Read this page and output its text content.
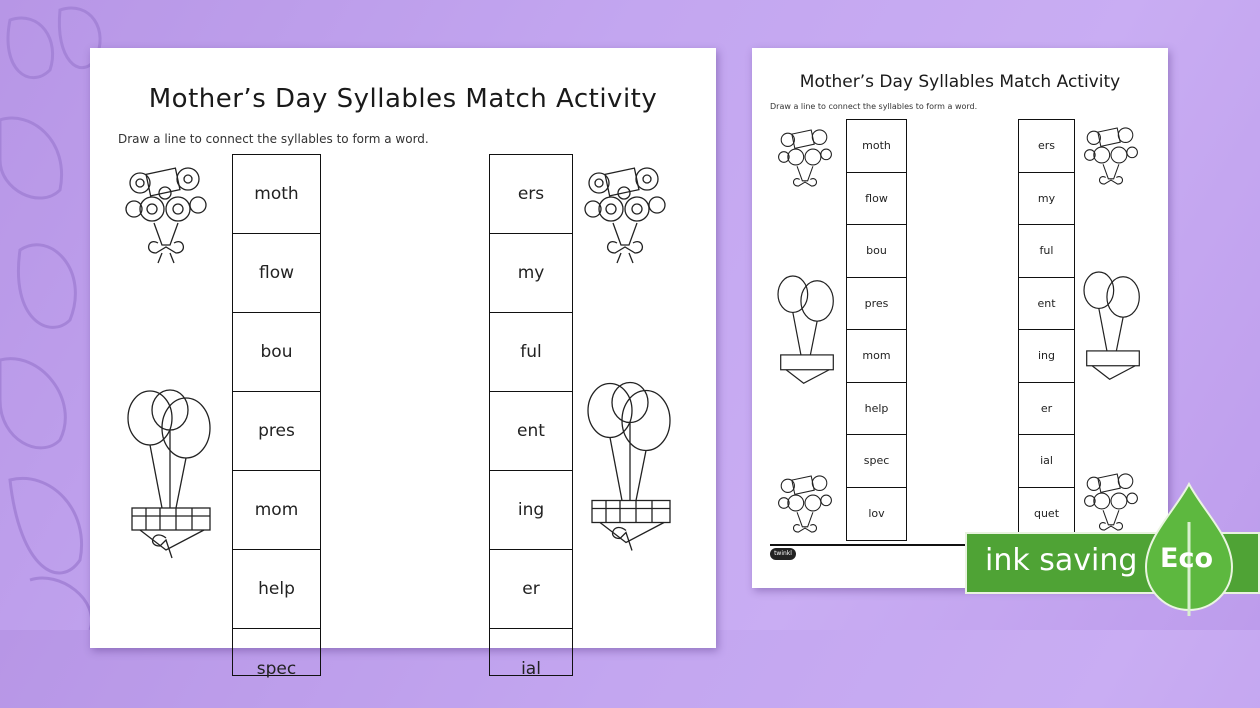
Mother’s Day Syllables Match Activity
Draw a line to connect the syllables to form a word.
moth
flow
bou
pres
mom
help
spec
ers
my
ful
ent
ing
er
ial
Mother’s Day Syllables Match Activity
Draw a line to connect the syllables to form a word.
moth
flow
bou
pres
mom
help
spec
lov
ers
my
ful
ent
ing
er
ial
quet
twinkl	ink saving Eco
